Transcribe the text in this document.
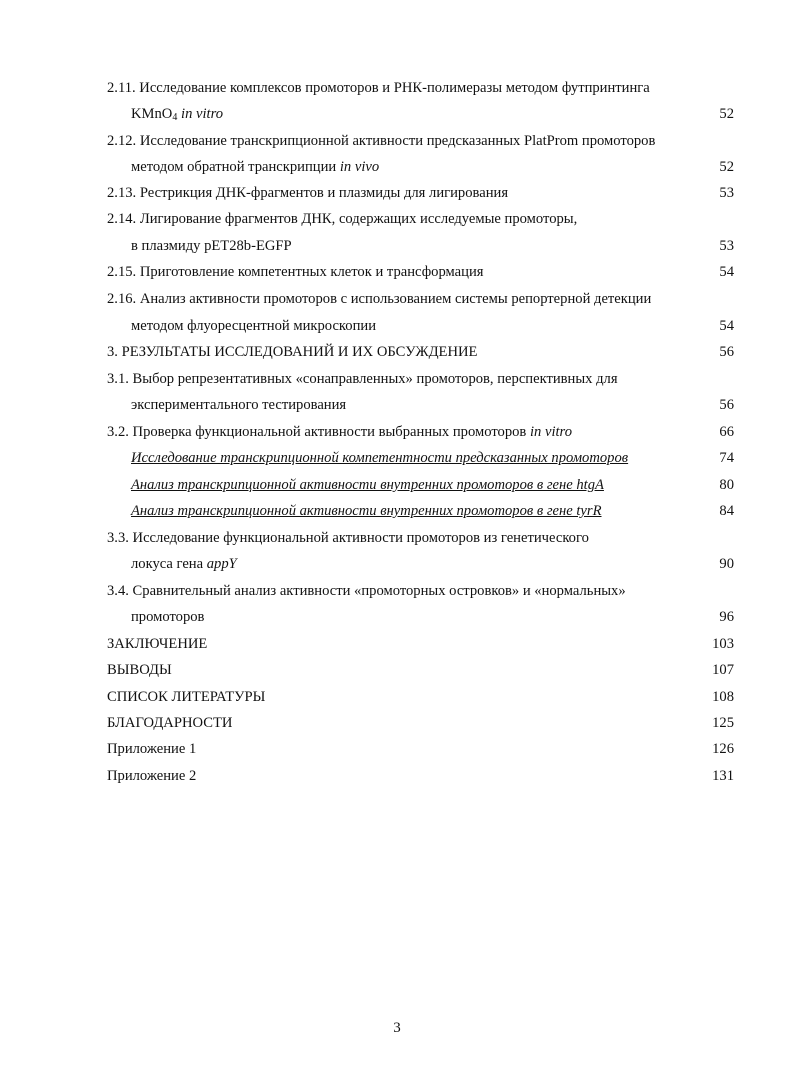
2.11. Исследование комплексов промоторов и РНК-полимеразы методом футпринтинга
KMnO$_4$ in vitro	52
2.12. Исследование транскрипционной активности предсказанных PlatProm промоторов
методом обратной транскрипции in vivo	52
2.13. Рестрикция ДНК-фрагментов и плазмиды для лигирования	53
2.14. Лигирование фрагментов ДНК, содержащих исследуемые промоторы,
в плазмиду pET28b-EGFP	53
2.15. Приготовление компетентных клеток и трансформация	54
2.16. Анализ активности промоторов с использованием системы репортерной детекции
методом флуоресцентной микроскопии	54
3. РЕЗУЛЬТАТЫ ИССЛЕДОВАНИЙ И ИХ ОБСУЖДЕНИЕ	56
3.1. Выбор репрезентативных «сонаправленных» промоторов, перспективных для
экспериментального тестирования	56
3.2. Проверка функциональной активности выбранных промоторов in vitro	66
Исследование транскрипционной компетентности предсказанных промоторов	74
Анализ транскрипционной активности внутренних промоторов в гене htgA	80
Анализ транскрипционной активности внутренних промоторов в гене tyrR	84
3.3. Исследование функциональной активности промоторов из генетического
локуса гена appY	90
3.4. Сравнительный анализ активности «промоторных островков» и «нормальных»
промоторов	96
ЗАКЛЮЧЕНИЕ	103
ВЫВОДЫ	107
СПИСОК ЛИТЕРАТУРЫ	108
БЛАГОДАРНОСТИ	125
Приложение 1	126
Приложение 2	131
3
